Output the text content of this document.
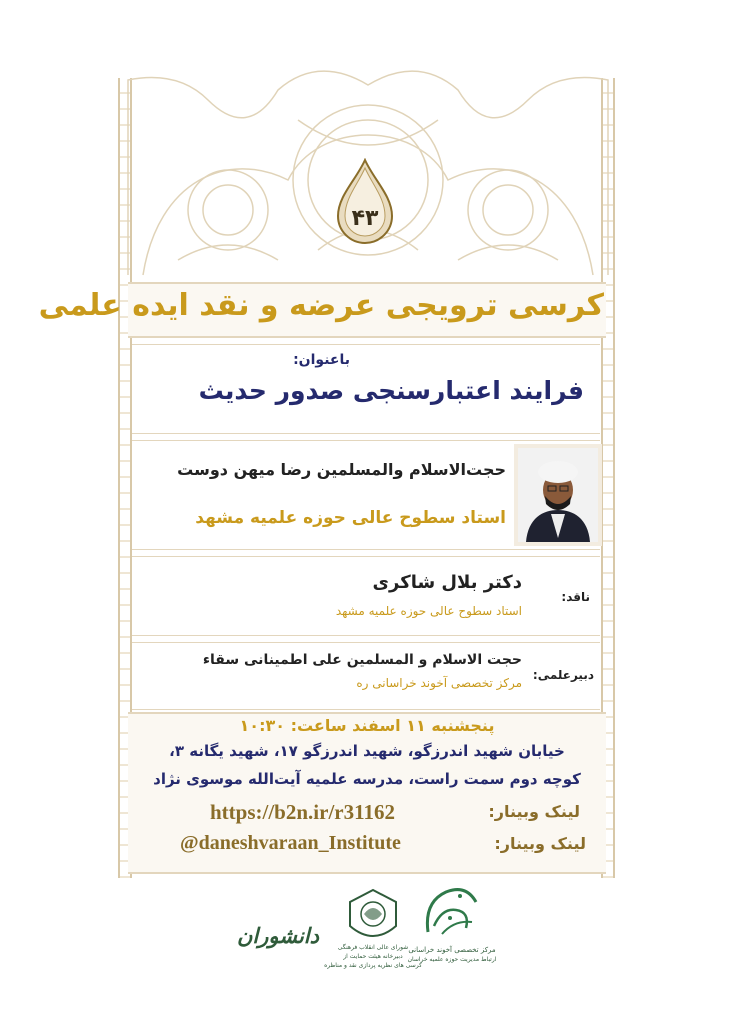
۴۳
کرسی ترویجی عرضه و نقد ایده علمی
باعنوان:
فرایند اعتبارسنجی صدور حدیث
حجت‌الاسلام والمسلمین رضا میهن دوست
استاد سطوح عالی حوزه علمیه مشهد
ناقد:
دکتر بلال شاکری
استاد سطوح عالی حوزه علمیه مشهد
دبیرعلمی:
حجت الاسلام و المسلمین علی اطمینانی سقاء
مرکز تخصصی آخوند خراسانی ره
پنجشنبه ۱۱ اسفند ساعت: ۱۰:۳۰
خیابان شهید اندرزگو، شهید اندرزگو ۱۷، شهید یگانه ۳،
کوچه دوم سمت راست، مدرسه علمیه آیت‌الله موسوی نژاد
لینک وبینار:
https://b2n.ir/r31162
لینک وبینار:
@daneshvaraan_Institute
دانشوران	شورای عالی انقلاب فرهنگی
دبیرخانه هیئت حمایت از
کرسی های نظریه پردازی نقد و مناظره
مرکز تخصصی آخوند خراسانی
ارتباط مدیریت حوزه علمیه خراسان
